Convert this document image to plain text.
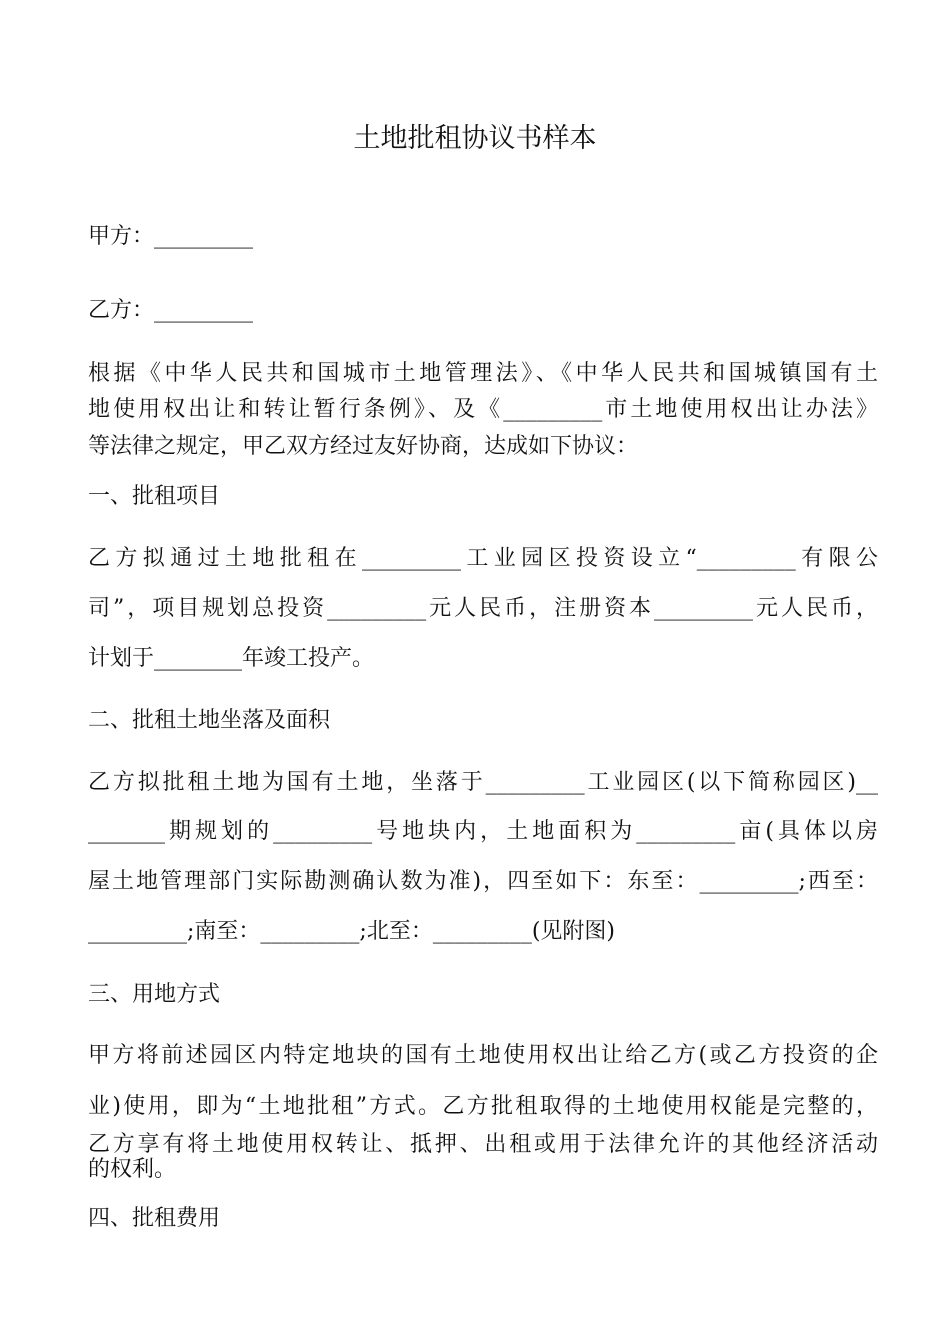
土地批租协议书样本

甲方：_________

乙方：_________

根据《中华人民共和国城市土地管理法》、《中华人民共和国城镇国有土

地使用权出让和转让暂行条例》、及《_________市土地使用权出让办法》

等法律之规定，甲乙双方经过友好协商，达成如下协议：

一、批租项目

乙方拟通过土地批租在_________工业园区投资设立“_________有限公

司”，项目规划总投资_________元人民币，注册资本_________元人民币，

计划于________年竣工投产。

二、批租土地坐落及面积

乙方拟批租土地为国有土地，坐落于_________工业园区(以下简称园区)__

_______期规划的_________号地块内，土地面积为_________亩(具体以房

屋土地管理部门实际勘测确认数为准)，四至如下：东至：_________;西至：

_________;南至：_________;北至：_________(见附图)

三、用地方式

甲方将前述园区内特定地块的国有土地使用权出让给乙方(或乙方投资的企

业)使用，即为“土地批租”方式。乙方批租取得的土地使用权能是完整的，

乙方享有将土地使用权转让、抵押、出租或用于法律允许的其他经济活动

的权利。

四、批租费用
